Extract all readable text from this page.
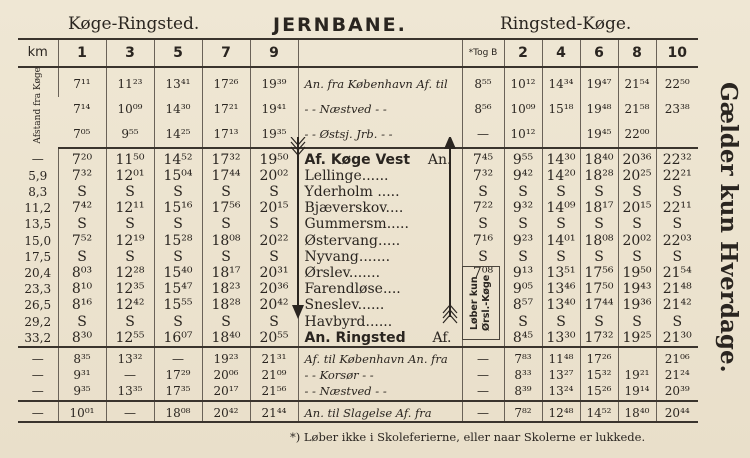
Køge-Ringsted.	JERNBANE.	Ringsted-Køge.
Gælder kun Hverdage.
km	1	3	5	7	9		*Tog B	2	4	6	8	10
Afstand fra Køge	7¹¹	11²³	13⁴¹	17²⁶	19³⁹	An. fra København Af. til	8⁵⁵	10¹²	14³⁴	19⁴⁷	21⁵⁴	22⁵⁰
	7¹⁴	10⁰⁹	14³⁰	17²¹	19⁴¹	- - Næstved - -	8⁵⁶	10⁰⁹	15¹⁸	19⁴⁸	21⁵⁸	23³⁸
	7⁰⁵	9⁵⁵	14²⁵	17¹³	19³⁵	- - Østsj. Jrb. - -	—	10¹²		19⁴⁵	22⁰⁰	
—	7²⁰	11⁵⁰	14⁵²	17³²	19⁵⁰	Af. Køge Vest An.	7⁴⁵	9⁵⁵	14³⁰	18⁴⁰	20³⁶	22³²
5,9	7³²	12⁰¹	15⁰⁴	17⁴⁴	20⁰²	Lellinge......	7³²	9⁴²	14²⁰	18²⁸	20²⁵	22²¹
8,3	S	S	S	S	S	Yderholm .....	S	S	S	S	S	S
11,2	7⁴²	12¹¹	15¹⁶	17⁵⁶	20¹⁵	Bjæverskov....	7²²	9³²	14⁰⁹	18¹⁷	20¹⁵	22¹¹
13,5	S	S	S	S	S	Gummersm.....	S	S	S	S	S	S
15,0	7⁵²	12¹⁹	15²⁸	18⁰⁸	20²²	Østervang.....	7¹⁶	9²³	14⁰¹	18⁰⁸	20⁰²	22⁰³
17,5	S	S	S	S	S	Nyvang.......	S	S	S	S	S	S
20,4	8⁰³	12²⁸	15⁴⁰	18¹⁷	20³¹	Ørslev.......	7⁰⁸	9¹³	13⁵¹	17⁵⁶	19⁵⁰	21⁵⁴
23,3	8¹⁰	12³⁵	15⁴⁷	18²³	20³⁶	Farendløse....		9⁰⁵	13⁴⁶	17⁵⁰	19⁴³	21⁴⁸
26,5	8¹⁶	12⁴²	15⁵⁵	18²⁸	20⁴²	Sneslev......		8⁵⁷	13⁴⁰	17⁴⁴	19³⁶	21⁴²
29,2	S	S	S	S	S	Havbyrd......		S	S	S	S	S
33,2	8³⁰	12⁵⁵	16⁰⁷	18⁴⁰	20⁵⁵	An. Ringsted Af.		8⁴⁵	13³⁰	17³²	19²⁵	21³⁰
—	8³⁵	13³²	—	19²³	21³¹	Af. til København An. fra	—	7⁸³	11⁴⁸	17²⁶		21⁰⁶
—	9³¹	—	17²⁹	20⁰⁶	21⁰⁹	- - Korsør - -	—	8³³	13²⁷	15³²	19²¹	21²⁴
—	9³⁵	13³⁵	17³⁵	20¹⁷	21⁵⁶	- - Næstved - -	—	8³⁹	13²⁴	15²⁶	19¹⁴	20³⁹
—	10⁰¹	—	18⁰⁸	20⁴²	21⁴⁴	An. til Slagelse Af. fra	—	7⁸²	12⁴⁸	14⁵²	18⁴⁰	20⁴⁴
Løber kun Ørsl.-Køge
*) Løber ikke i Skoleferierne, eller naar Skolerne er lukkede.
